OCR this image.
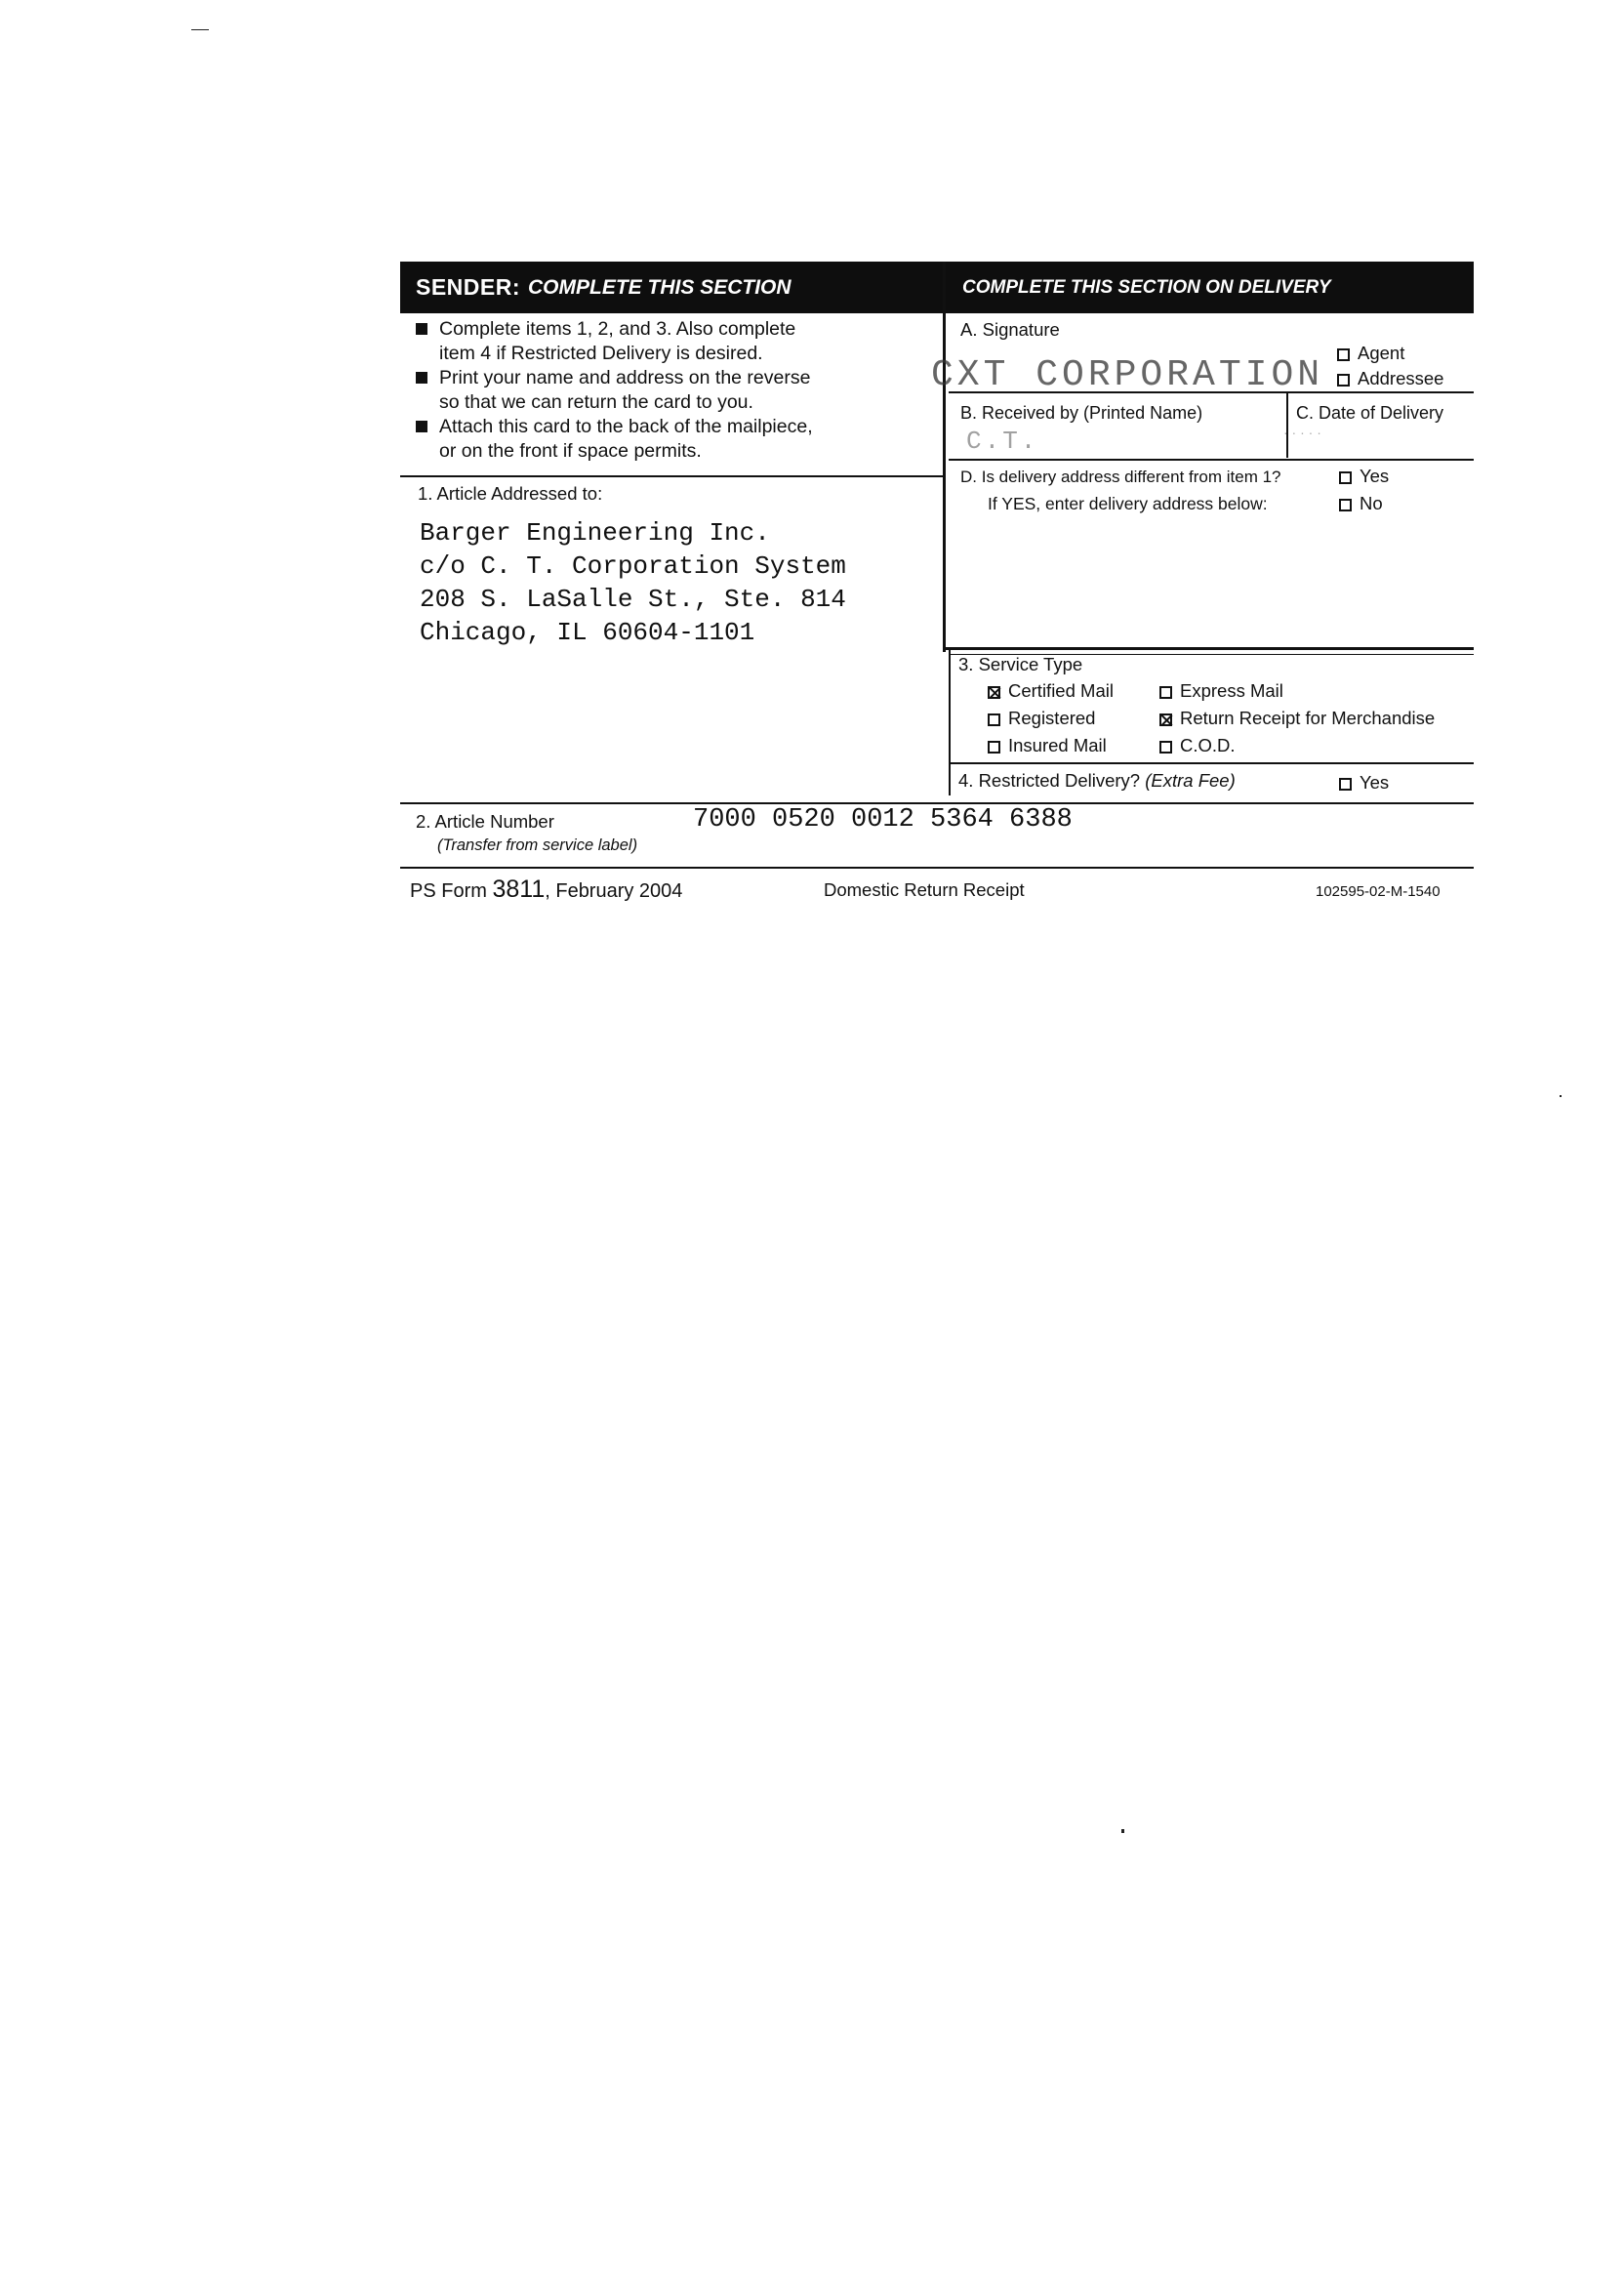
SENDER: COMPLETE THIS SECTION	COMPLETE THIS SECTION ON DELIVERY
Complete items 1, 2, and 3. Also complete
item 4 if Restricted Delivery is desired.
Print your name and address on the reverse
so that we can return the card to you.
Attach this card to the back of the mailpiece,
or on the front if space permits.
1. Article Addressed to:
Barger Engineering Inc.
c/o C. T. Corporation System
208 S. LaSalle St., Ste. 814
Chicago, IL 60604-1101
A. Signature
CXT CORPORATION
Agent
Addressee
B. Received by (Printed Name)
C.T.
C. Date of Delivery
· · · · ·
D. Is delivery address different from item 1?
If YES, enter delivery address below:
Yes
No
3. Service Type
Certified Mail	Express Mail
Registered	Return Receipt for Merchandise
Insured Mail	C.O.D.
4. Restricted Delivery? (Extra Fee)	Yes
2. Article Number
(Transfer from service label)
7000 0520 0012 5364 6388
PS Form 3811, February 2004	Domestic Return Receipt	102595-02-M-1540
